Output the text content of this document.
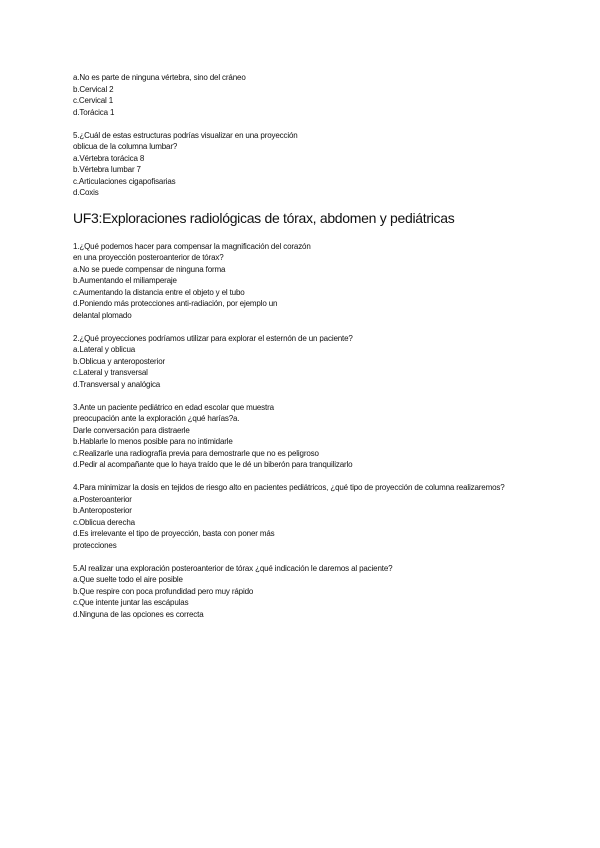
a.No es parte de ninguna vértebra, sino del cráneo
b.Cervical 2
c.Cervical 1
d.Torácica 1
5.¿Cuál de estas estructuras podrías visualizar en una proyección
oblicua de la columna lumbar?
a.Vértebra torácica 8
b.Vértebra lumbar 7
c.Articulaciones cigapofisarias
d.Coxis
UF3:Exploraciones radiológicas de tórax, abdomen y pediátricas
1.¿Qué podemos hacer para compensar la magnificación del corazón
en una proyección posteroanterior de tórax?
a.No se puede compensar de ninguna forma
b.Aumentando el miliamperaje
c.Aumentando la distancia entre el objeto y el tubo
d.Poniendo más protecciones anti-radiación, por ejemplo un
delantal plomado
2.¿Qué proyecciones podríamos utilizar para explorar el esternón de un paciente?
a.Lateral y oblicua
b.Oblicua y anteroposterior
c.Lateral y transversal
d.Transversal y analógica
3.Ante un paciente pediátrico en edad escolar que muestra
preocupación ante la exploración ¿qué harías?a.
Darle conversación para distraerle
b.Hablarle lo menos posible para no intimidarle
c.Realizarle una radiografía previa para demostrarle que no es peligroso
d.Pedir al acompañante que lo haya traído que le dé un biberón para tranquilizarlo
4.Para minimizar la dosis en tejidos de riesgo alto en pacientes pediátricos, ¿qué tipo de proyección de columna realizaremos?
a.Posteroanterior
b.Anteroposterior
c.Oblicua derecha
d.Es irrelevante el tipo de proyección, basta con poner más
protecciones
5.Al realizar una exploración posteroanterior de tórax ¿qué indicación le daremos al paciente?
a.Que suelte todo el aire posible
b.Que respire con poca profundidad pero muy rápido
c.Que intente juntar las escápulas
d.Ninguna de las opciones es correcta
